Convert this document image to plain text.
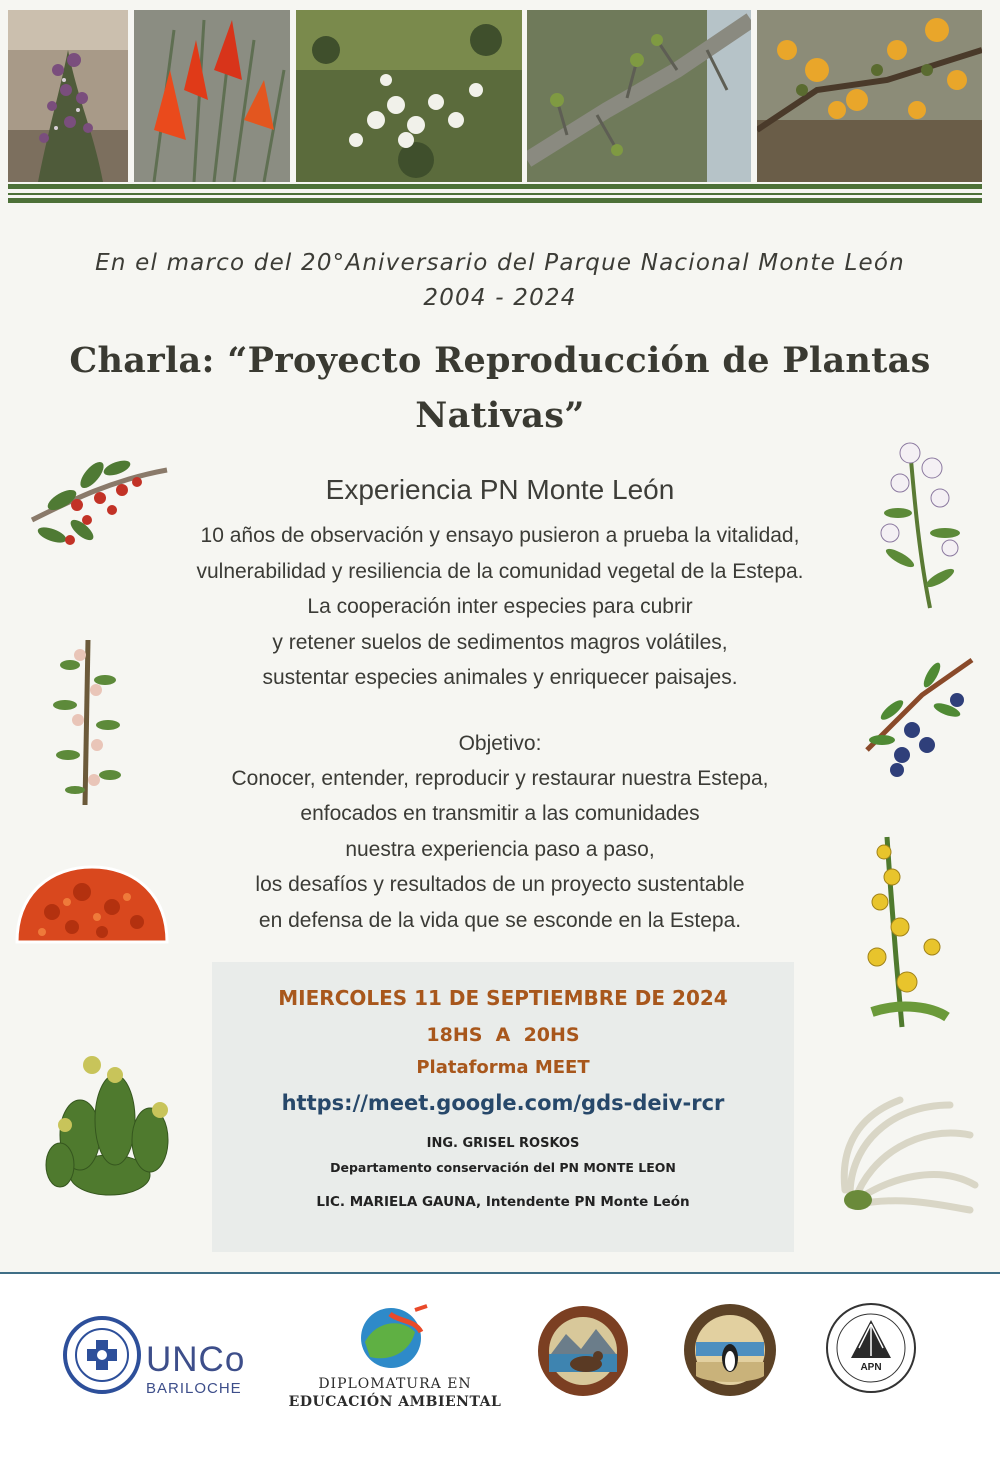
En el marco del 20°Aniversario del Parque Nacional Monte León
2004 - 2024
Charla: “Proyecto Reproducción de Plantas
Nativas”
Experiencia PN Monte León
10 años de observación y ensayo pusieron a prueba la vitalidad,
vulnerabilidad y resiliencia de la comunidad vegetal de la Estepa.
La cooperación inter especies para cubrir
y retener suelos de sedimentos magros volátiles,
sustentar especies animales y enriquecer paisajes.
Objetivo:
Conocer, entender, reproducir y restaurar nuestra Estepa,
enfocados en transmitir a las comunidades
nuestra experiencia paso a paso,
los desafíos y resultados de un proyecto sustentable
en defensa de la vida que se esconde en la Estepa.
MIERCOLES 11 DE SEPTIEMBRE DE 2024
18HS  A  20HS
Plataforma MEET
https://meet.google.com/gds-deiv-rcr
ING. GRISEL ROSKOS
Departamento conservación del PN MONTE LEON
LIC. MARIELA GAUNA, Intendente PN Monte León
UNCo
BARILOCHE	DIPLOMATURA EN
EDUCACIÓN AMBIENTAL
APN
